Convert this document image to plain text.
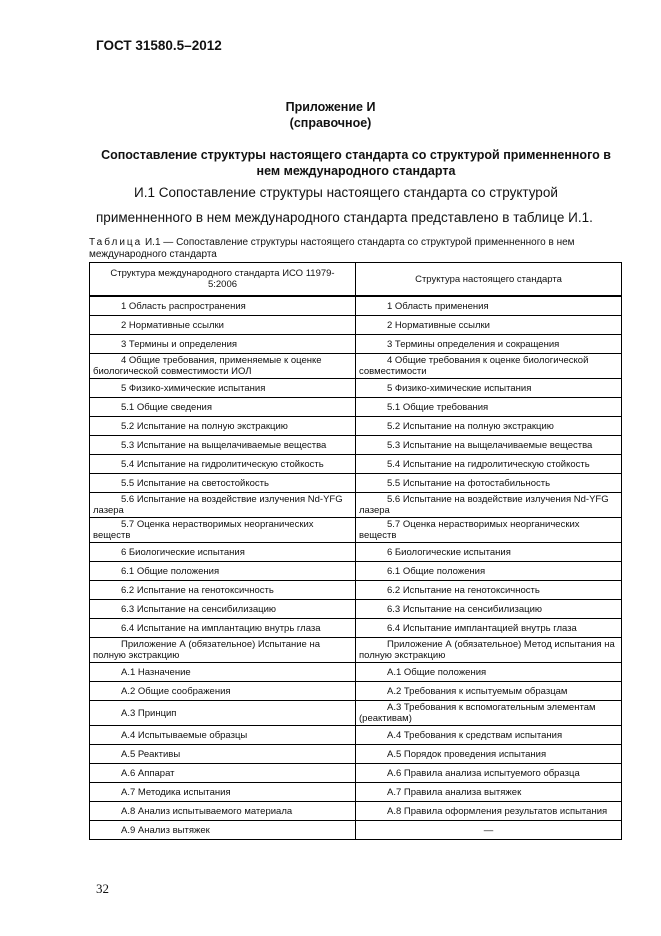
ГОСТ 31580.5–2012
Приложение И
(справочное)
Сопоставление структуры настоящего стандарта со структурой применненного в нем международного стандарта
И.1 Сопоставление структуры настоящего стандарта со структурой
применненного в нем международного стандарта представлено в таблице И.1.
Таблица И.1 — Сопоставление структуры настоящего стандарта со структурой применненного в нем международного стандарта
Структура международного стандарта ИСО 11979-5:2006	Структура настоящего стандарта
1 Область распространения	1 Область применения
2 Нормативные ссылки	2 Нормативные ссылки
3 Термины и определения	3 Термины определения и сокращения
4 Общие требования, применяемые к оценке биологической совместимости ИОЛ	4 Общие требования к оценке биологической совместимости
5 Физико-химические испытания	5 Физико-химические испытания
5.1 Общие сведения	5.1 Общие требования
5.2 Испытание на полную экстракцию	5.2 Испытание на полную экстракцию
5.3 Испытание на выщелачиваемые вещества	5.3 Испытание на выщелачиваемые вещества
5.4 Испытание на гидролитическую стойкость	5.4 Испытание на гидролитическую стойкость
5.5 Испытание на светостойкость	5.5 Испытание на фотостабильность
5.6 Испытание на воздействие излучения Nd-YFG лазера	5.6 Испытание на воздействие излучения Nd-YFG лазера
5.7 Оценка нерастворимых неорганических веществ	5.7 Оценка нерастворимых неорганических веществ
6 Биологические испытания	6 Биологические испытания
6.1 Общие положения	6.1 Общие положения
6.2 Испытание на генотоксичность	6.2 Испытание на генотоксичность
6.3 Испытание на сенсибилизацию	6.3 Испытание на сенсибилизацию
6.4 Испытание на имплантацию внутрь глаза	6.4 Испытание имплантацией внутрь глаза
Приложение А (обязательное) Испытание на полную экстракцию	Приложение А (обязательное) Метод испытания на полную экстракцию
А.1 Назначение	А.1 Общие положения
А.2 Общие соображения	А.2 Требования к испытуемым образцам
А.3 Принцип	А.3 Требования к вспомогательным элементам (реактивам)
А.4 Испытываемые образцы	А.4 Требования к средствам испытания
А.5 Реактивы	А.5 Порядок проведения испытания
А.6 Аппарат	А.6 Правила анализа испытуемого образца
А.7 Методика испытания	А.7 Правила анализа вытяжек
А.8 Анализ испытываемого материала	А.8 Правила оформления результатов испытания
А.9 Анализ вытяжек	—
32
